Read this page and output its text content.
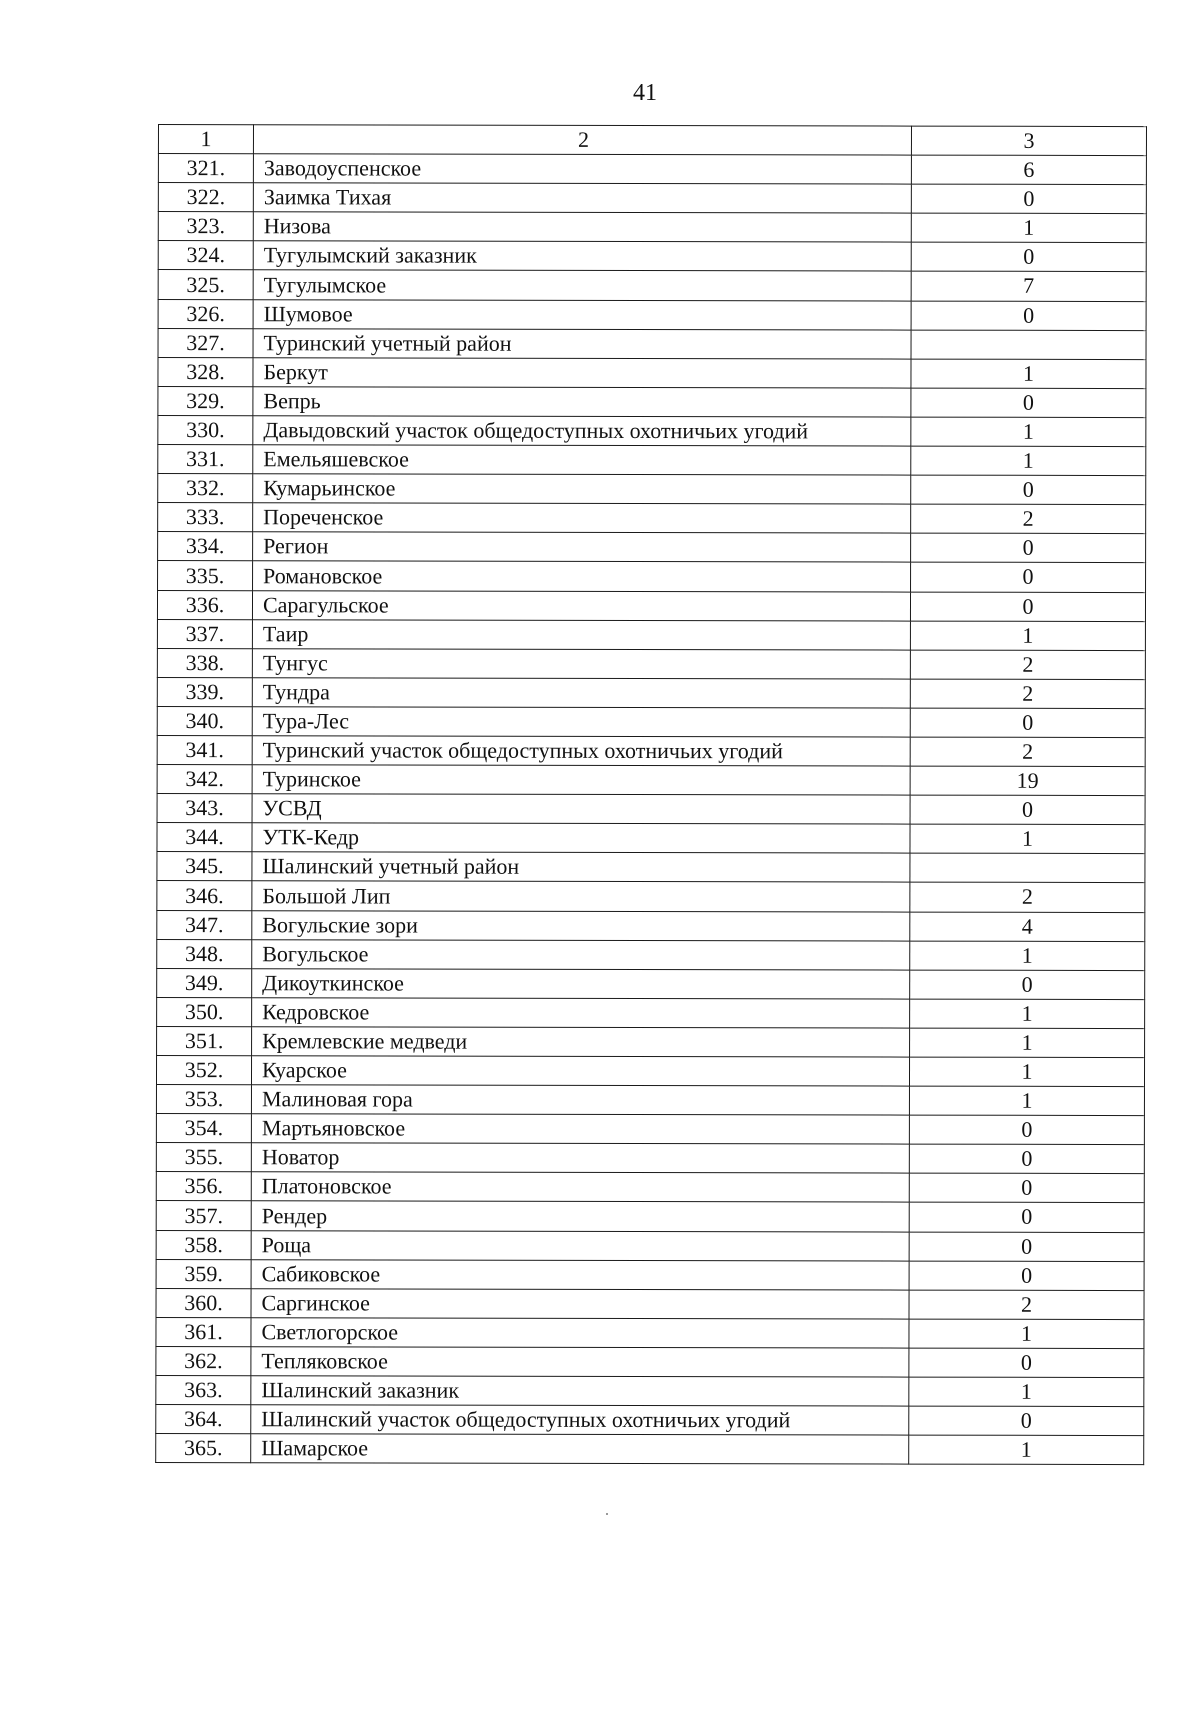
41
1	2	3
321.	Заводоуспенское	6
322.	Заимка Тихая	0
323.	Низова	1
324.	Тугулымский заказник	0
325.	Тугулымское	7
326.	Шумовое	0
327.	Туринский учетный район	
328.	Беркут	1
329.	Вепрь	0
330.	Давыдовский участок общедоступных охотничьих угодий	1
331.	Емельяшевское	1
332.	Кумарьинское	0
333.	Пореченское	2
334.	Регион	0
335.	Романовское	0
336.	Сарагульское	0
337.	Таир	1
338.	Тунгус	2
339.	Тундра	2
340.	Тура-Лес	0
341.	Туринский участок общедоступных охотничьих угодий	2
342.	Туринское	19
343.	УСВД	0
344.	УТК-Кедр	1
345.	Шалинский учетный район	
346.	Большой Лип	2
347.	Вогульские зори	4
348.	Вогульское	1
349.	Дикоуткинское	0
350.	Кедровское	1
351.	Кремлевские медведи	1
352.	Куарское	1
353.	Малиновая гора	1
354.	Мартьяновское	0
355.	Новатор	0
356.	Платоновское	0
357.	Рендер	0
358.	Роща	0
359.	Сабиковское	0
360.	Саргинское	2
361.	Светлогорское	1
362.	Тепляковское	0
363.	Шалинский заказник	1
364.	Шалинский участок общедоступных охотничьих угодий	0
365.	Шамарское	1
